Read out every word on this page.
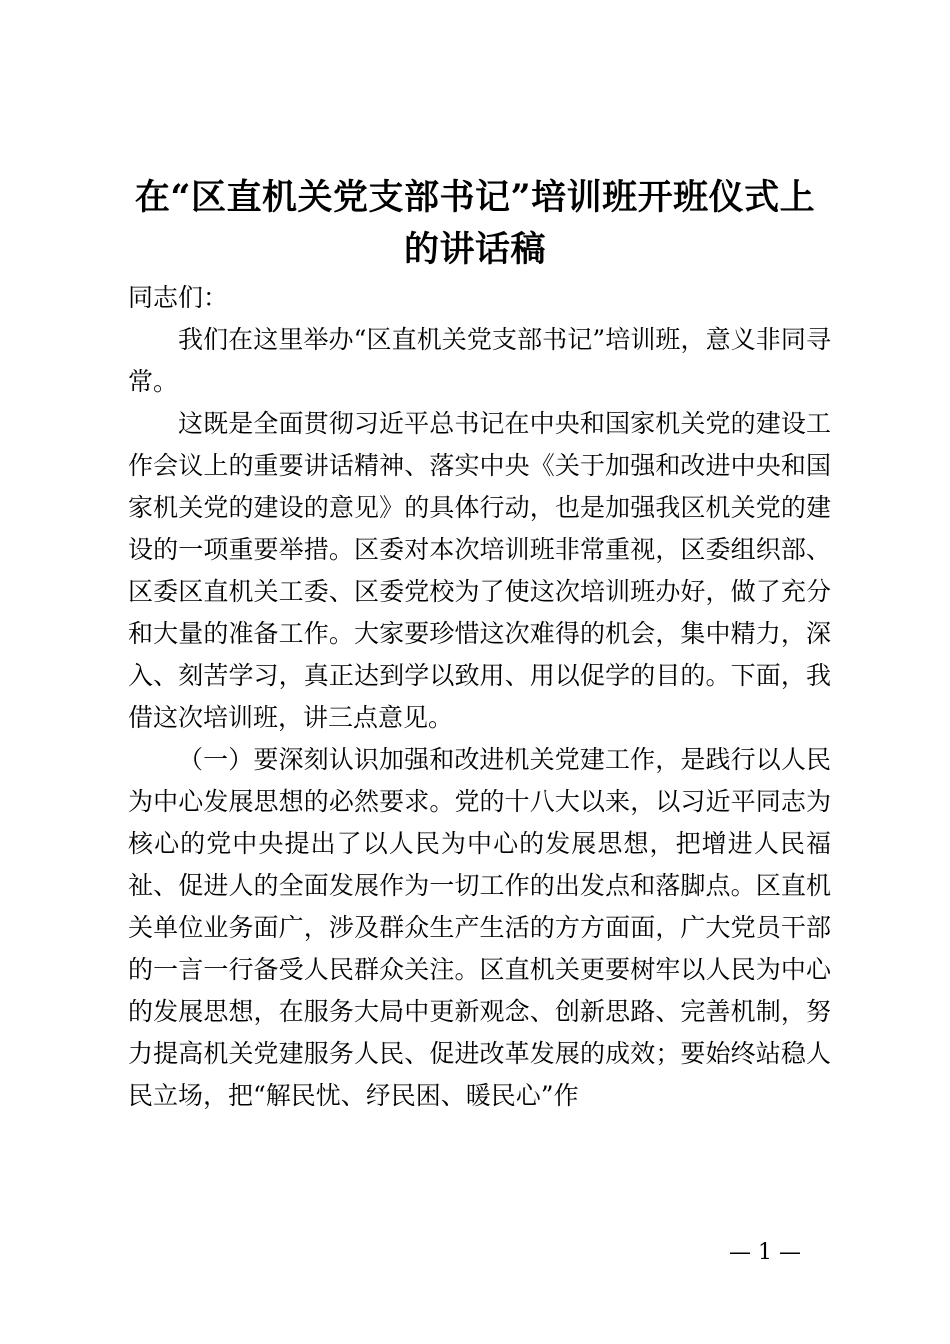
在“区直机关党支部书记”培训班开班仪式上的讲话稿

同志们：

我们在这里举办“区直机关党支部书记”培训班，意义非同寻常。

这既是全面贯彻习近平总书记在中央和国家机关党的建设工作会议上的重要讲话精神、落实中央《关于加强和改进中央和国家机关党的建设的意见》的具体行动，也是加强我区机关党的建设的一项重要举措。区委对本次培训班非常重视，区委组织部、区委区直机关工委、区委党校为了使这次培训班办好，做了充分和大量的准备工作。大家要珍惜这次难得的机会，集中精力，深入、刻苦学习，真正达到学以致用、用以促学的目的。下面，我借这次培训班，讲三点意见。

（一）要深刻认识加强和改进机关党建工作，是践行以人民为中心发展思想的必然要求。党的十八大以来，以习近平同志为核心的党中央提出了以人民为中心的发展思想，把增进人民福祉、促进人的全面发展作为一切工作的出发点和落脚点。区直机关单位业务面广，涉及群众生产生活的方方面面，广大党员干部的一言一行备受人民群众关注。区直机关更要树牢以人民为中心的发展思想，在服务大局中更新观念、创新思路、完善机制，努力提高机关党建服务人民、促进改革发展的成效；要始终站稳人民立场，把“解民忧、纾民困、暖民心”作

— 1 —
